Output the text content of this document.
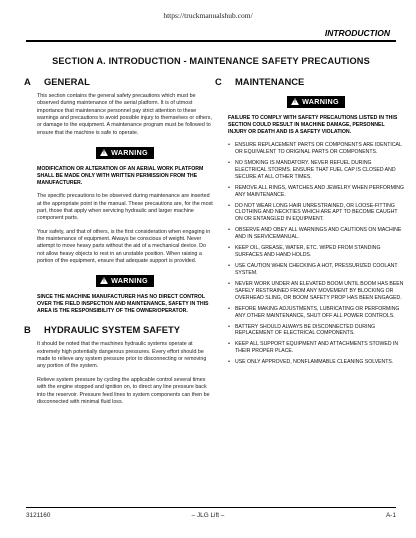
https://truckmanualshub.com/
INTRODUCTION
SECTION A. INTRODUCTION - MAINTENANCE SAFETY PRECAUTIONS
A	GENERAL
This section contains the general safety precautions which must be observed during maintenance of the aerial platform. It is of utmost importance that maintenance personnel pay strict attention to these warnings and precautions to avoid possible injury to themselves or others, or damage to the equipment. A maintenance program must be followed to ensure that the machine is safe to operate.
!
WARNING
MODIFICATION OR ALTERATION OF AN AERIAL WORK PLATFORM SHALL BE MADE ONLY WITH WRITTEN PERMISSION FROM THE MANUFACTURER.
The specific precautions to be observed during maintenance are inserted at the appropriate point in the manual. These precautions are, for the most part, those that apply when servicing hydraulic and larger machine component parts.
Your safety, and that of others, is the first consideration when engaging in the maintenance of equipment. Always be conscious of weight. Never attempt to move heavy parts without the aid of a mechanical device. Do not allow heavy objects to rest in an unstable position. When raising a portion of the equipment, ensure that adequate support is provided.
!
WARNING
SINCE THE MACHINE MANUFACTURER HAS NO DIRECT CONTROL OVER THE FIELD INSPECTION AND MAINTENANCE, SAFETY IN THIS AREA IS THE RESPONSIBILITY OF THE OWNER/OPERATOR.
B	HYDRAULIC SYSTEM SAFETY
It should be noted that the machines hydraulic systems operate at extremely high potentially dangerous pressures. Every effort should be made to relieve any system pressure prior to disconnecting or removing any portion of the system.
Relieve system pressure by cycling the applicable control several times with the engine stopped and ignition on, to direct any line pressure back into the reservoir. Pressure feed lines to system components can then be disconnected with minimal fluid loss.
C	MAINTENANCE
!
WARNING
FAILURE TO COMPLY WITH SAFETY PRECAUTIONS LISTED IN THIS SECTION COULD RESULT IN MACHINE DAMAGE, PERSONNEL INJURY OR DEATH AND IS A SAFETY VIOLATION.
• ENSURE REPLACEMENT PARTS OR COMPONENTS ARE IDENTICAL OR EQUIVALENT TO ORIGINAL PARTS OR COMPONENTS.
• NO SMOKING IS MANDATORY. NEVER REFUEL DURING ELECTRICAL STORMS. ENSURE THAT FUEL CAP IS CLOSED AND SECURE AT ALL OTHER TIMES.
• REMOVE ALL RINGS, WATCHES AND JEWELRY WHEN PERFORMING ANY MAINTENANCE.
• DO NOT WEAR LONG HAIR UNRESTRAINED, OR LOOSE-FITTING CLOTHING AND NECKTIES WHICH ARE APT TO BECOME CAUGHT ON OR ENTANGLED IN EQUIPMENT.
• OBSERVE AND OBEY ALL WARNINGS AND CAUTIONS ON MACHINE AND IN SERVICEMANUAL.
• KEEP OIL, GREASE, WATER, ETC. WIPED FROM STANDING SURFACES AND HAND HOLDS.
• USE CAUTION WHEN CHECKING A HOT, PRESSURIZED COOLANT SYSTEM.
• NEVER WORK UNDER AN ELEVATED BOOM UNTIL BOOM HAS BEEN SAFELY RESTRAINED FROM ANY MOVEMENT BY BLOCKING OR OVERHEAD SLING, OR BOOM SAFETY PROP HAS BEEN ENGAGED.
• BEFORE MAKING ADJUSTMENTS, LUBRICATING OR PERFORMING ANY OTHER MAINTENANCE, SHUT OFF ALL POWER CONTROLS.
• BATTERY SHOULD ALWAYS BE DISCONNECTED DURING REPLACEMENT OF ELECTRICAL COMPONENTS.
• KEEP ALL SUPPORT EQUIPMENT AND ATTACHMENTS STOWED IN THEIR PROPER PLACE.
• USE ONLY APPROVED, NONFLAMMABLE CLEANING SOLVENTS.
3121160	– JLG Lift –	A-1
